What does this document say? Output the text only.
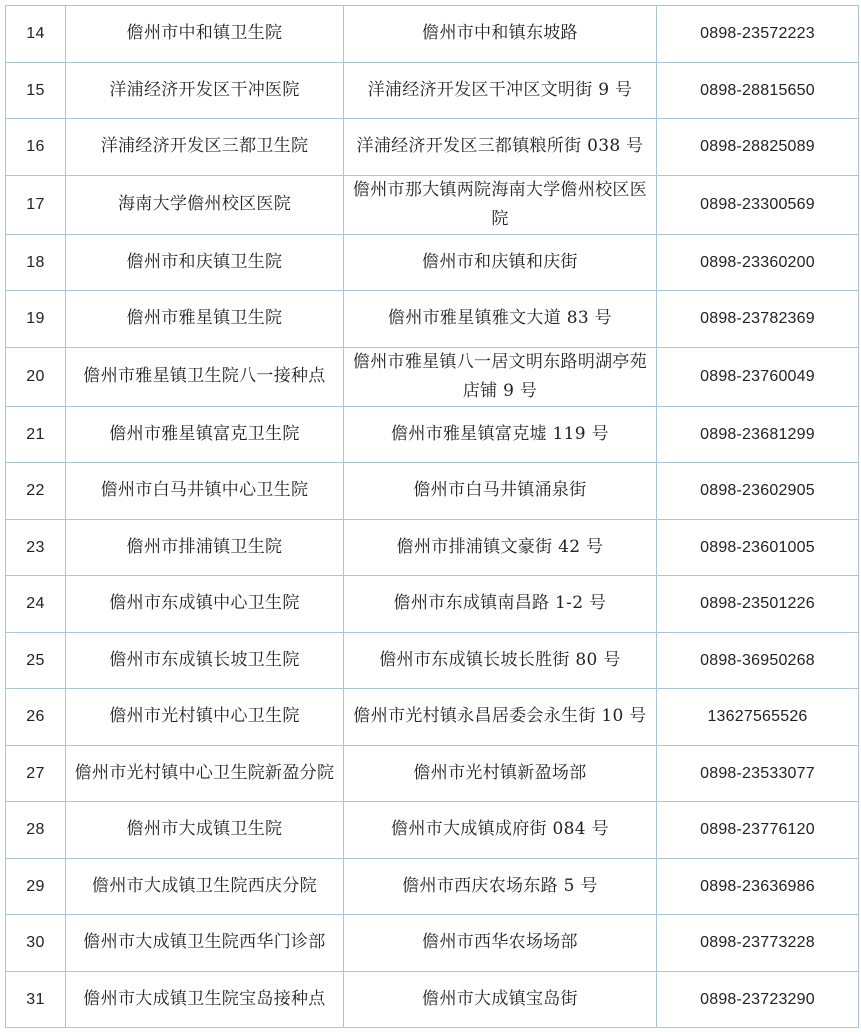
14	儋州市中和镇卫生院	儋州市中和镇东坡路	0898-23572223
15	洋浦经济开发区干冲医院	洋浦经济开发区干冲区文明街 9 号	0898-28815650
16	洋浦经济开发区三都卫生院	洋浦经济开发区三都镇粮所街 038 号	0898-28825089
17	海南大学儋州校区医院	儋州市那大镇两院海南大学儋州校区医院	0898-23300569
18	儋州市和庆镇卫生院	儋州市和庆镇和庆街	0898-23360200
19	儋州市雅星镇卫生院	儋州市雅星镇雅文大道 83 号	0898-23782369
20	儋州市雅星镇卫生院八一接种点	儋州市雅星镇八一居文明东路明湖亭苑店铺 9 号	0898-23760049
21	儋州市雅星镇富克卫生院	儋州市雅星镇富克墟 119 号	0898-23681299
22	儋州市白马井镇中心卫生院	儋州市白马井镇涌泉街	0898-23602905
23	儋州市排浦镇卫生院	儋州市排浦镇文豪街 42 号	0898-23601005
24	儋州市东成镇中心卫生院	儋州市东成镇南昌路 1-2 号	0898-23501226
25	儋州市东成镇长坡卫生院	儋州市东成镇长坡长胜街 80 号	0898-36950268
26	儋州市光村镇中心卫生院	儋州市光村镇永昌居委会永生街 10 号	13627565526
27	儋州市光村镇中心卫生院新盈分院	儋州市光村镇新盈场部	0898-23533077
28	儋州市大成镇卫生院	儋州市大成镇成府街 084 号	0898-23776120
29	儋州市大成镇卫生院西庆分院	儋州市西庆农场东路 5 号	0898-23636986
30	儋州市大成镇卫生院西华门诊部	儋州市西华农场场部	0898-23773228
31	儋州市大成镇卫生院宝岛接种点	儋州市大成镇宝岛街	0898-23723290
